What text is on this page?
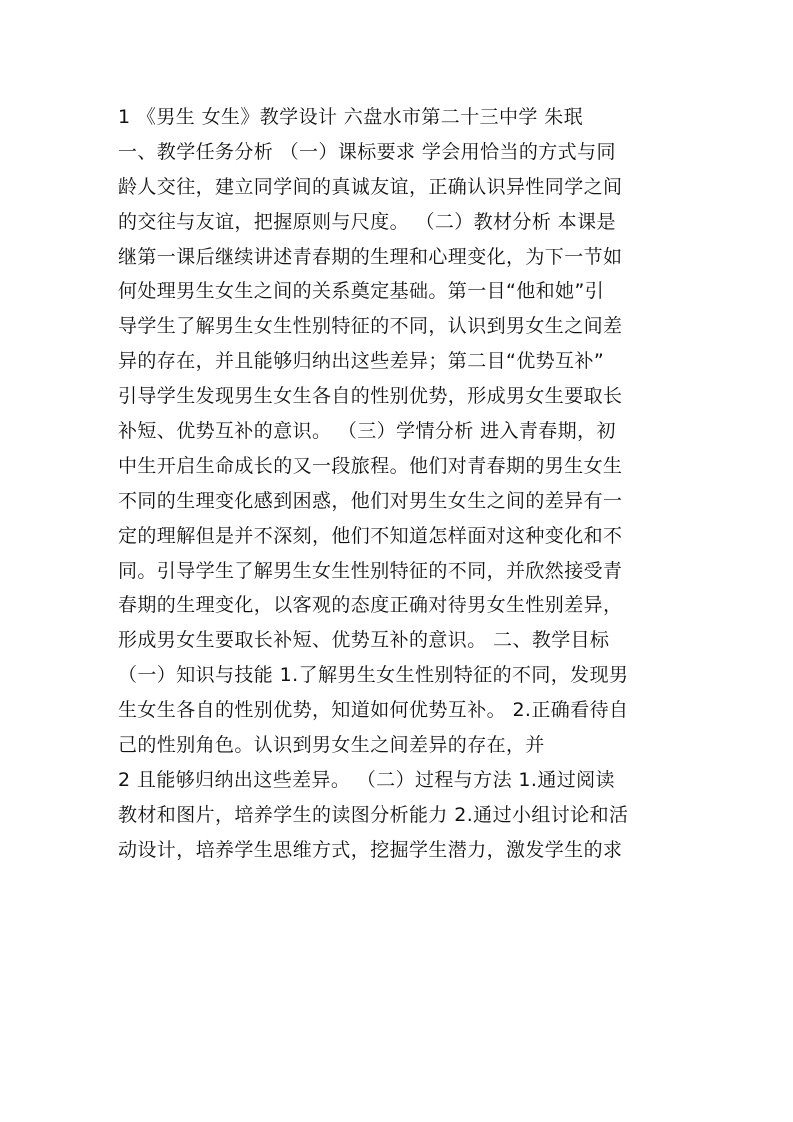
1 《男生 女生》教学设计 六盘水市第二十三中学 朱珉
一、教学任务分析 （一）课标要求 学会用恰当的方式与同
龄人交往，建立同学间的真诚友谊，正确认识异性同学之间
的交往与友谊，把握原则与尺度。 （二）教材分析 本课是
继第一课后继续讲述青春期的生理和心理变化，为下一节如
何处理男生女生之间的关系奠定基础。第一目“他和她”引
导学生了解男生女生性别特征的不同，认识到男女生之间差
异的存在，并且能够归纳出这些差异；第二目“优势互补”
引导学生发现男生女生各自的性别优势，形成男女生要取长
补短、优势互补的意识。 （三）学情分析 进入青春期，初
中生开启生命成长的又一段旅程。他们对青春期的男生女生
不同的生理变化感到困惑，他们对男生女生之间的差异有一
定的理解但是并不深刻，他们不知道怎样面对这种变化和不
同。引导学生了解男生女生性别特征的不同，并欣然接受青
春期的生理变化，以客观的态度正确对待男女生性别差异，
形成男女生要取长补短、优势互补的意识。 二、教学目标
（一）知识与技能 1.了解男生女生性别特征的不同，发现男
生女生各自的性别优势，知道如何优势互补。 2.正确看待自
己的性别角色。认识到男女生之间差异的存在，并
2 且能够归纳出这些差异。 （二）过程与方法 1.通过阅读
教材和图片，培养学生的读图分析能力 2.通过小组讨论和活
动设计，培养学生思维方式，挖掘学生潜力，激发学生的求
